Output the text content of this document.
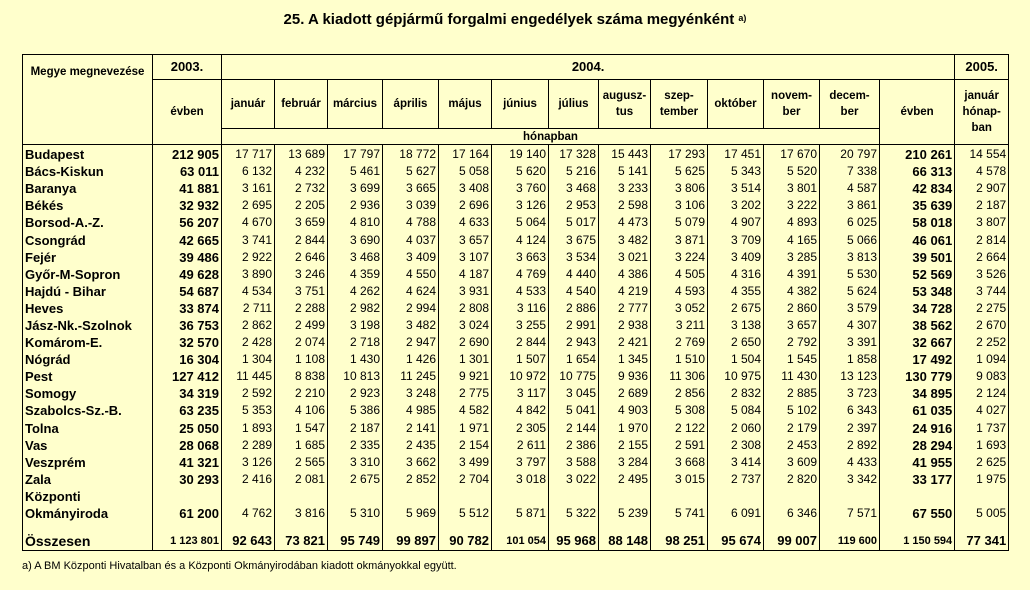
25. A kiadott gépjármű forgalmi engedélyek száma megyénként $^{a)}$
Megye megnevezése	2003.	2004.													2005.
	évben	január	február	március	április	május	június	július	augusz-tus	szep-tember	október	novem-ber	decem-ber	évben	január hónap-ban
		hónapban													
Budapest	212 905	17 717	13 689	17 797	18 772	17 164	19 140	17 328	15 443	17 293	17 451	17 670	20 797	210 261	14 554
Bács-Kiskun	63 011	6 132	4 232	5 461	5 627	5 058	5 620	5 216	5 141	5 625	5 343	5 520	7 338	66 313	4 578
Baranya	41 881	3 161	2 732	3 699	3 665	3 408	3 760	3 468	3 233	3 806	3 514	3 801	4 587	42 834	2 907
Békés	32 932	2 695	2 205	2 936	3 039	2 696	3 126	2 953	2 598	3 106	3 202	3 222	3 861	35 639	2 187
Borsod-A.-Z.	56 207	4 670	3 659	4 810	4 788	4 633	5 064	5 017	4 473	5 079	4 907	4 893	6 025	58 018	3 807
Csongrád	42 665	3 741	2 844	3 690	4 037	3 657	4 124	3 675	3 482	3 871	3 709	4 165	5 066	46 061	2 814
Fejér	39 486	2 922	2 646	3 468	3 409	3 107	3 663	3 534	3 021	3 224	3 409	3 285	3 813	39 501	2 664
Győr-M-Sopron	49 628	3 890	3 246	4 359	4 550	4 187	4 769	4 440	4 386	4 505	4 316	4 391	5 530	52 569	3 526
Hajdú - Bihar	54 687	4 534	3 751	4 262	4 624	3 931	4 533	4 540	4 219	4 593	4 355	4 382	5 624	53 348	3 744
Heves	33 874	2 711	2 288	2 982	2 994	2 808	3 116	2 886	2 777	3 052	2 675	2 860	3 579	34 728	2 275
Jász-Nk.-Szolnok	36 753	2 862	2 499	3 198	3 482	3 024	3 255	2 991	2 938	3 211	3 138	3 657	4 307	38 562	2 670
Komárom-E.	32 570	2 428	2 074	2 718	2 947	2 690	2 844	2 943	2 421	2 769	2 650	2 792	3 391	32 667	2 252
Nógrád	16 304	1 304	1 108	1 430	1 426	1 301	1 507	1 654	1 345	1 510	1 504	1 545	1 858	17 492	1 094
Pest	127 412	11 445	8 838	10 813	11 245	9 921	10 972	10 775	9 936	11 306	10 975	11 430	13 123	130 779	9 083
Somogy	34 319	2 592	2 210	2 923	3 248	2 775	3 117	3 045	2 689	2 856	2 832	2 885	3 723	34 895	2 124
Szabolcs-Sz.-B.	63 235	5 353	4 106	5 386	4 985	4 582	4 842	5 041	4 903	5 308	5 084	5 102	6 343	61 035	4 027
Tolna	25 050	1 893	1 547	2 187	2 141	1 971	2 305	2 144	1 970	2 122	2 060	2 179	2 397	24 916	1 737
Vas	28 068	2 289	1 685	2 335	2 435	2 154	2 611	2 386	2 155	2 591	2 308	2 453	2 892	28 294	1 693
Veszprém	41 321	3 126	2 565	3 310	3 662	3 499	3 797	3 588	3 284	3 668	3 414	3 609	4 433	41 955	2 625
Zala	30 293	2 416	2 081	2 675	2 852	2 704	3 018	3 022	2 495	3 015	2 737	2 820	3 342	33 177	1 975
Központi Okmányiroda	61 200	4 762	3 816	5 310	5 969	5 512	5 871	5 322	5 239	5 741	6 091	6 346	7 571	67 550	5 005
Összesen	1 123 801	92 643	73 821	95 749	99 897	90 782	101 054	95 968	88 148	98 251	95 674	99 007	119 600	1 150 594	77 341
a) A BM Központi Hivatalban és a Központi Okmányirodában kiadott okmányokkal együtt.
